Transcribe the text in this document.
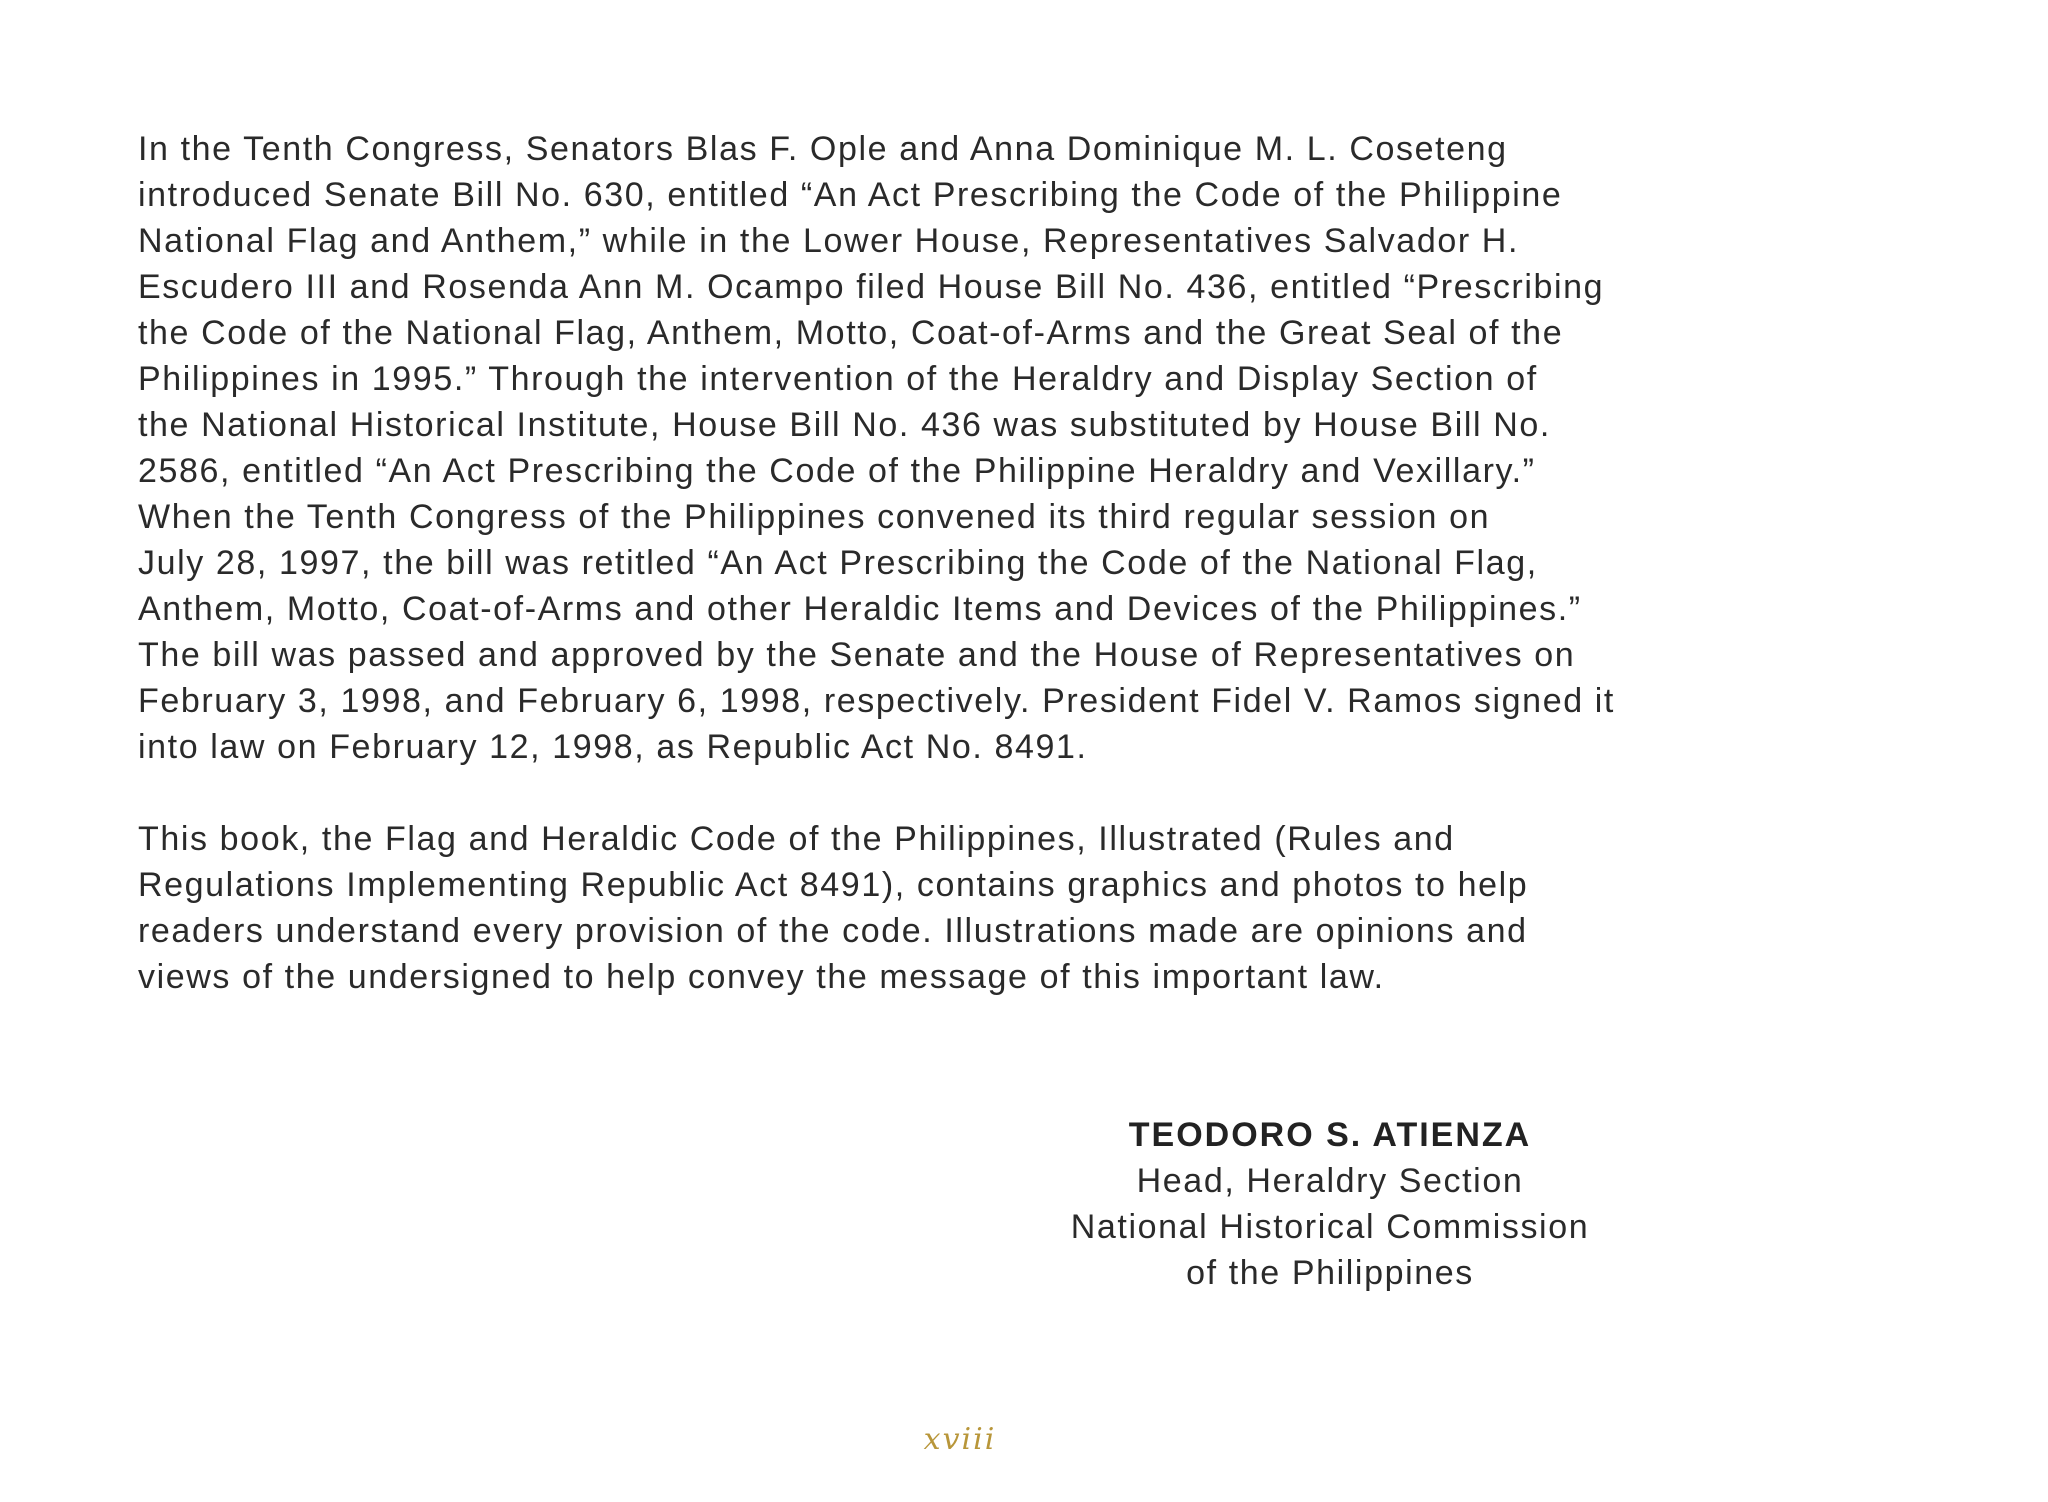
In the Tenth Congress, Senators Blas F. Ople and Anna Dominique M. L. Coseteng
introduced Senate Bill No. 630, entitled “An Act Prescribing the Code of the Philippine
National Flag and Anthem,” while in the Lower House, Representatives Salvador H.
Escudero III and Rosenda Ann M. Ocampo filed House Bill No. 436, entitled “Prescribing
the Code of the National Flag, Anthem, Motto, Coat-of-Arms and the Great Seal of the
Philippines in 1995.” Through the intervention of the Heraldry and Display Section of
the National Historical Institute, House Bill No. 436 was substituted by House Bill No.
2586, entitled “An Act Prescribing the Code of the Philippine Heraldry and Vexillary.”
When the Tenth Congress of the Philippines convened its third regular session on
July 28, 1997, the bill was retitled “An Act Prescribing the Code of the National Flag,
Anthem, Motto, Coat-of-Arms and other Heraldic Items and Devices of the Philippines.”
The bill was passed and approved by the Senate and the House of Representatives on
February 3, 1998, and February 6, 1998, respectively. President Fidel V. Ramos signed it
into law on February 12, 1998, as Republic Act No. 8491.

This book, the Flag and Heraldic Code of the Philippines, Illustrated (Rules and
Regulations Implementing Republic Act 8491), contains graphics and photos to help
readers understand every provision of the code. Illustrations made are opinions and
views of the undersigned to help convey the message of this important law.

TEODORO S. ATIENZA
Head, Heraldry Section
National Historical Commission
of the Philippines
xviii
